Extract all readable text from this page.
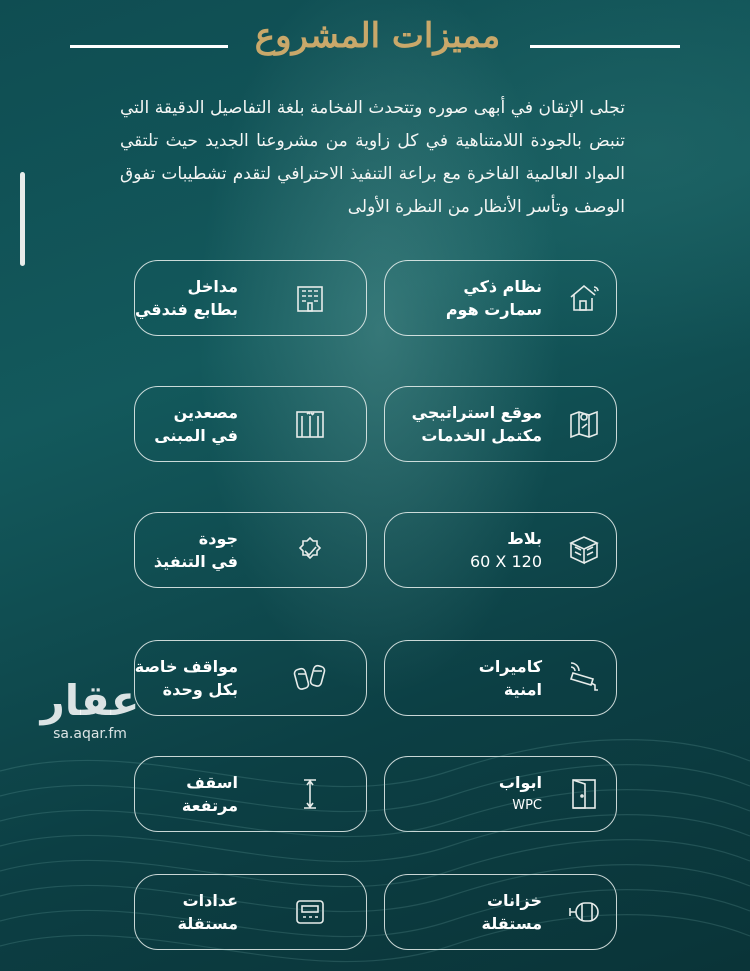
مميزات المشروع
تجلى الإتقان في أبهى صوره وتتحدث الفخامة بلغة التفاصيل الدقيقة التي تنبض بالجودة اللامتناهية في كل زاوية من مشروعنا الجديد حيث تلتقي المواد العالمية الفاخرة مع براعة التنفيذ الاحترافي لتقدم تشطيبات تفوق الوصف وتأسر الأنظار من النظرة الأولى
نظام ذكي
سمارت هوم
مداخل
بطابع فندقي
موقع استراتيجي
مكتمل الخدمات
مصعدين
في المبنى
بلاط
60 X 120
جودة
في التنفيذ
كاميرات
امنية
مواقف خاصة
بكل وحدة
ابواب
WPC
اسقف
مرتفعة
خزانات
مستقلة
عدادات
مستقلة
عقار
sa.aqar.fm
